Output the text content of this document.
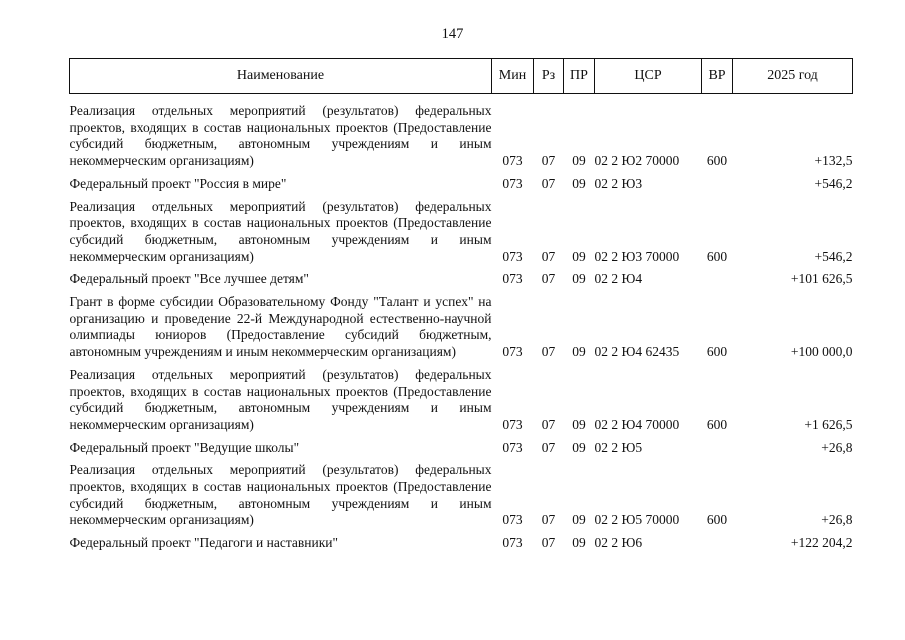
147
Наименование	Мин	Рз	ПР	ЦСР	ВР	2025 год

Реализация отдельных мероприятий (результатов) федеральных проектов, входящих в состав национальных проектов (Предоставление субсидий бюджетным, автономным учреждениям и иным некоммерческим организациям)	073	07	09	02 2 Ю2 70000	600	+132,5

Федеральный проект "Россия в мире"	073	07	09	02 2 Ю3		+546,2

Реализация отдельных мероприятий (результатов) федеральных проектов, входящих в состав национальных проектов (Предоставление субсидий бюджетным, автономным учреждениям и иным некоммерческим организациям)	073	07	09	02 2 Ю3 70000	600	+546,2

Федеральный проект "Все лучшее детям"	073	07	09	02 2 Ю4		+101 626,5

Грант в форме субсидии Образовательному Фонду "Талант и успех" на организацию и проведение 22-й Международной естественно-научной олимпиады юниоров (Предоставление субсидий бюджетным, автономным учреждениям и иным некоммерческим организациям)	073	07	09	02 2 Ю4 62435	600	+100 000,0

Реализация отдельных мероприятий (результатов) федеральных проектов, входящих в состав национальных проектов (Предоставление субсидий бюджетным, автономным учреждениям и иным некоммерческим организациям)	073	07	09	02 2 Ю4 70000	600	+1 626,5

Федеральный проект "Ведущие школы"	073	07	09	02 2 Ю5		+26,8

Реализация отдельных мероприятий (результатов) федеральных проектов, входящих в состав национальных проектов (Предоставление субсидий бюджетным, автономным учреждениям и иным некоммерческим организациям)	073	07	09	02 2 Ю5 70000	600	+26,8

Федеральный проект "Педагоги и наставники"	073	07	09	02 2 Ю6		+122 204,2
